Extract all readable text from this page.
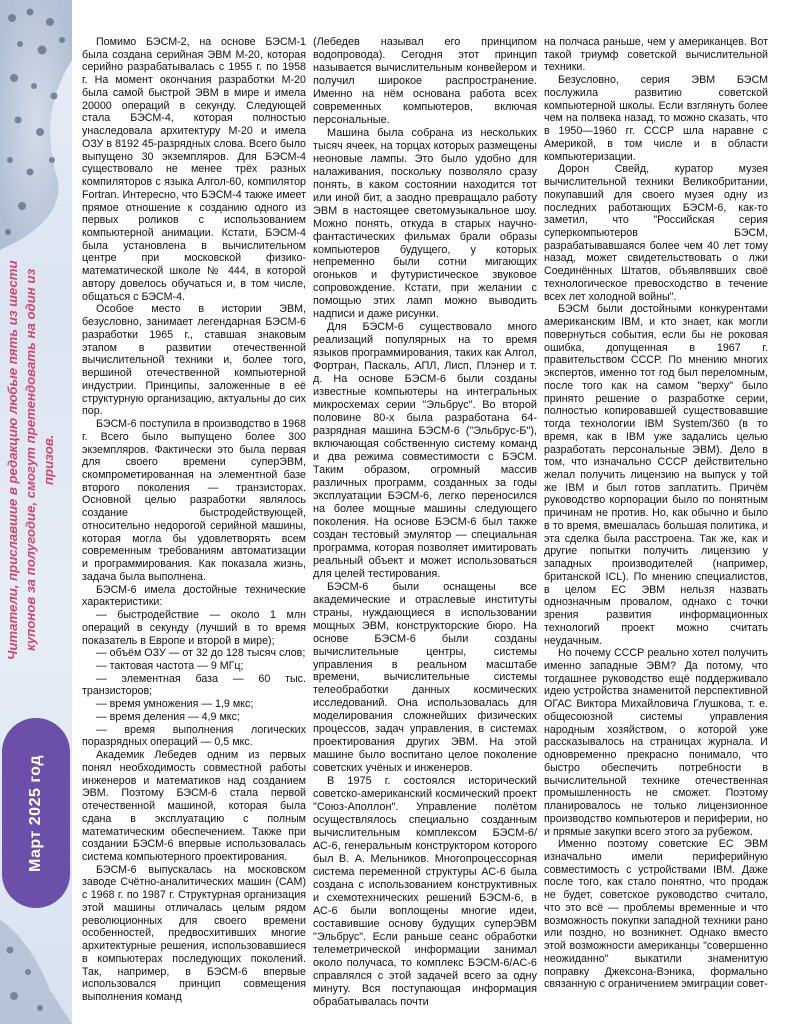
Читатели, приславшие в редакцию любые пять из шести купонов за полугодие, смогут претендовать на один из призов.
Март 2025 год

Помимо БЭСМ-2, на основе БЭСМ-1 была создана серийная ЭВМ М-20, которая серийно разрабатывалась с 1955 г. по 1958 г. На момент окончания разработки М-20 была самой быстрой ЭВМ в мире и имела 20000 операций в секунду. Следующей стала БЭСМ-4, которая полностью унаследовала архитектуру М-20 и имела ОЗУ в 8192 45-разрядных слова. Всего было выпущено 30 экземпляров. Для БЭСМ-4 существовало не менее трёх разных компиляторов с языка Алгол-60, компилятор Fortran. Интересно, что БЭСМ-4 также имеет прямое отношение к созданию одного из первых роликов с использованием компьютерной анимации. Кстати, БЭСМ-4 была установлена в вычислительном центре при московской физико-математической школе № 444, в которой автору довелось обучаться и, в том числе, общаться с БЭСМ-4.

Особое место в истории ЭВМ, безусловно, занимает легендарная БЭСМ-6 разработки 1965 г., ставшая знаковым этапом в развитии отечественной вычислительной техники и, более того, вершиной отечественной компьютерной индустрии. Принципы, заложенные в её структурную организацию, актуальны до сих пор.

БЭСМ-6 поступила в производство в 1968 г. Всего было выпущено более 300 экземпляров. Фактически это была первая для своего времени суперЭВМ, скомпрометированная на элементной базе второго поколения — транзисторах. Основной целью разработки являлось создание быстродействующей, относительно недорогой серийной машины, которая могла бы удовлетворять всем современным требованиям автоматизации и программирования. Как показала жизнь, задача была выполнена.

БЭСМ-6 имела достойные технические характеристики:

— быстродействие — около 1 млн операций в секунду (лучший в то время показатель в Европе и второй в мире);

— объём ОЗУ — от 32 до 128 тысяч слов;

— тактовая частота — 9 МГц;

— элементная база — 60 тыс. транзисторов;

— время умножения — 1,9 мкс;

— время деления — 4,9 мкс;

— время выполнения логических поразрядных операций — 0,5 мкс.

Академик Лебедев одним из первых понял необходимость совместной работы инженеров и математиков над созданием ЭВМ. Поэтому БЭСМ-6 стала первой отечественной машиной, которая была сдана в эксплуатацию с полным математическим обеспечением. Также при создании БЭСМ-6 впервые использовалась система компьютерного проектирования.

БЭСМ-6 выпускалась на московском заводе Счётно-аналитических машин (САМ) с 1968 г. по 1987 г. Структурная организация этой машины отличалась целым рядом революционных для своего времени особенностей, предвосхитивших многие архитектурные решения, использовавшиеся в компьютерах последующих поколений. Так, например, в БЭСМ-6 впервые использовался принцип совмещения выполнения команд

(Лебедев называл его принципом водопровода). Сегодня этот принцип называется вычислительным конвейером и получил широкое распространение. Именно на нём основана работа всех современных компьютеров, включая персональные.

Машина была собрана из нескольких тысяч ячеек, на торцах которых размещены неоновые лампы. Это было удобно для налаживания, поскольку позволяло сразу понять, в каком состоянии находится тот или иной бит, а заодно превращало работу ЭВМ в настоящее светомузыкальное шоу. Можно понять, откуда в старых научно-фантастических фильмах брали образы компьютеров будущего, у которых непременно были сотни мигающих огоньков и футуристическое звуковое сопровождение. Кстати, при желании с помощью этих ламп можно выводить надписи и даже рисунки.

Для БЭСМ-6 существовало много реализаций популярных на то время языков программирования, таких как Алгол, Фортран, Паскаль, АПЛ, Лисп, Плэнер и т. д. На основе БЭСМ-6 были созданы известные компьютеры на интегральных микросхемах серии "Эльбрус". Во второй половине 80-х была разработана 64-разрядная машина БЭСМ-6 ("Эльбрус-Б"), включающая собственную систему команд и два режима совместимости с БЭСМ. Таким образом, огромный массив различных программ, созданных за годы эксплуатации БЭСМ-6, легко переносился на более мощные машины следующего поколения. На основе БЭСМ-6 был также создан тестовый эмулятор — специальная программа, которая позволяет имитировать реальный объект и может использоваться для целей тестирования.

БЭСМ-6 были оснащены все академические и отраслевые институты страны, нуждающиеся в использовании мощных ЭВМ, конструкторские бюро. На основе БЭСМ-6 были созданы вычислительные центры, системы управления в реальном масштабе времени, вычислительные системы телеобработки данных космических исследований. Она использовалась для моделирования сложнейших физических процессов, задач управления, в системах проектирования других ЭВМ. На этой машине было воспитано целое поколение советских учёных и инженеров.

В 1975 г. состоялся исторический советско-американский космический проект "Союз-Аполлон". Управление полётом осуществлялось специально созданным вычислительным комплексом БЭСМ-6/АС-6, генеральным конструктором которого был В. А. Мельников. Многопроцессорная система переменной структуры АС-6 была создана с использованием конструктивных и схемотехнических решений БЭСМ-6, в АС-6 были воплощены многие идеи, составившие основу будущих суперЭВМ "Эльбрус". Если раньше сеанс обработки телеметрической информации занимал около получаса, то комплекс БЭСМ-6/АС-6 справлялся с этой задачей всего за одну минуту. Вся поступающая информация обрабатывалась почти

на полчаса раньше, чем у американцев. Вот такой триумф советской вычислительной техники.

Безусловно, серия ЭВМ БЭСМ послужила развитию советской компьютерной школы. Если взглянуть более чем на полвека назад, то можно сказать, что в 1950—1960 гг. СССР шла наравне с Америкой, в том числе и в области компьютеризации.

Дорон Свейд, куратор музея вычислительной техники Великобритании, покупавший для своего музея одну из последних работающих БЭСМ-6, как-то заметил, что "Российская серия суперкомпьютеров БЭСМ, разрабатывавшаяся более чем 40 лет тому назад, может свидетельствовать о лжи Соединённых Штатов, объявлявших своё технологическое превосходство в течение всех лет холодной войны".

БЭСМ были достойными конкурентами американским IBM, и кто знает, как могли повернуться события, если бы не роковая ошибка, допущенная в 1967 г. правительством СССР. По мнению многих экспертов, именно тот год был переломным, после того как на самом "верху" было принято решение о разработке серии, полностью копировавшей существовавшие тогда технологии IBM System/360 (в то время, как в IBM уже задались целью разработать персональные ЭВМ). Дело в том, что изначально СССР действительно желал получить лицензию на выпуск у той же IBM и был готов заплатить. Причём руководство корпорации было по понятным причинам не против. Но, как обычно и было в то время, вмешалась большая политика, и эта сделка была расстроена. Так же, как и другие попытки получить лицензию у западных производителей (например, британской ICL). По мнению специалистов, в целом ЕС ЭВМ нельзя назвать однозначным провалом, однако с точки зрения развития информационных технологий проект можно считать неудачным.

Но почему СССР реально хотел получить именно западные ЭВМ? Да потому, что тогдашнее руководство ещё поддерживало идею устройства знаменитой перспективной ОГАС Виктора Михайловича Глушкова, т. е. общесоюзной системы управления народным хозяйством, о которой уже рассказывалось на страницах журнала. И одновременно прекрасно понимало, что быстро обеспечить потребности в вычислительной технике отечественная промышленность не сможет. Поэтому планировалось не только лицензионное производство компьютеров и периферии, но и прямые закупки всего этого за рубежом.

Именно поэтому советские ЕС ЭВМ изначально имели периферийную совместимость с устройствами IBM. Даже после того, как стало понятно, что продаж не будет, советское руководство считало, что это всё — проблемы временные и что возможность покупки западной техники рано или поздно, но возникнет. Однако вместо этой возможности американцы "совершенно неожиданно" выкатили знаменитую поправку Джексона-Вэника, формально связанную с ограничением эмиграции совет-
